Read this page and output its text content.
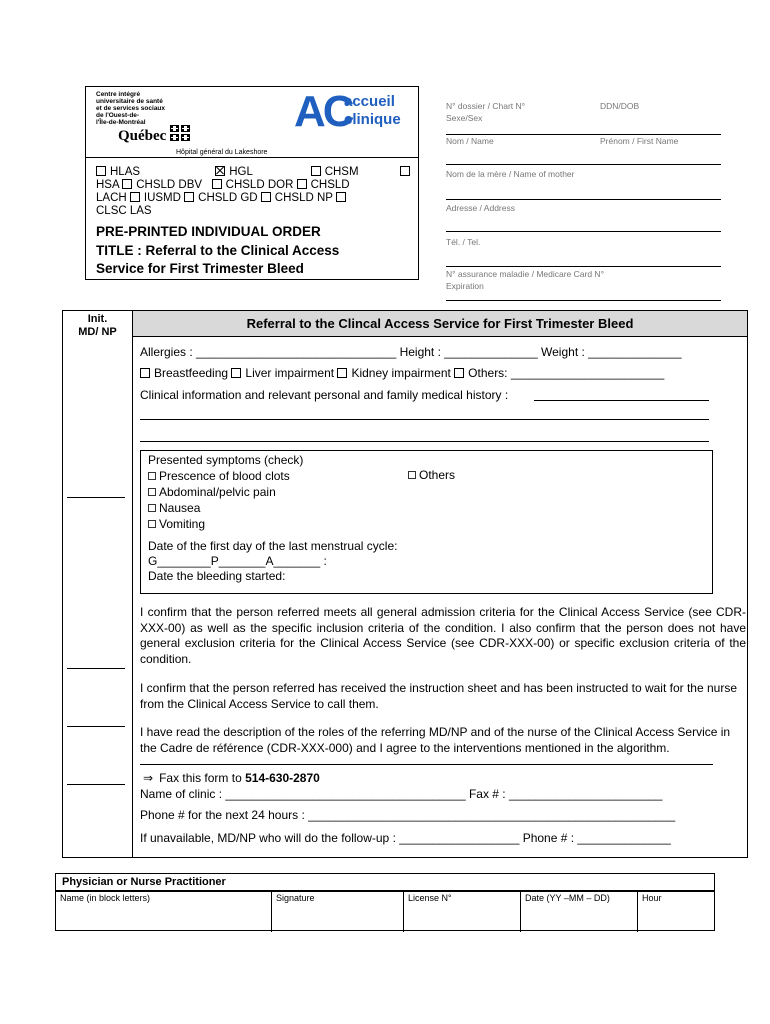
Centre intégré
universitaire de santé
et de services sociaux
de l'Ouest-de-
l'Île-de-Montréal
Québec
Hôpital général du Lakeshore
AC
accueil
clinique
HLAS	HGL	CHSM
HSA CHSLD DBV CHSLD DOR CHSLD
LACH IUSMD CHSLD GD CHSLD NP
CLSC LAS
PRE-PRINTED INDIVIDUAL ORDER
TITLE : Referral to the Clinical Access
Service for First Trimester Bleed
N° dossier / Chart N°
Sexe/Sex
DDN/DOB
Nom / Name	Prénom / First Name
Nom de la mère / Name of mother
Adresse / Address
Tél. / Tel.
N° assurance maladie / Medicare Card N°
Expiration
Init.
MD/ NP
Referral to the Clincal Access Service for First Trimester Bleed
Allergies : ______________________________ Height : ______________ Weight : ______________
Breastfeeding Liver impairment Kidney impairment Others: _______________________
Clinical information and relevant personal and family medical history :
Presented symptoms (check)
Prescence of blood clots
Abdominal/pelvic pain
Nausea
Vomiting
Others
Date of the first day of the last menstrual cycle:
G________P_______A_______ :
Date the bleeding started:
I confirm that the person referred meets all general admission criteria for the Clinical Access Service (see CDR-XXX-00) as well as the specific inclusion criteria of the condition. I also confirm that the person does not have general exclusion criteria for the Clinical Access Service (see CDR-XXX-00) or specific exclusion criteria of the condition.
I confirm that the person referred has received the instruction sheet and has been instructed to wait for the nurse from the Clinical Access Service to call them.
I have read the description of the roles of the referring MD/NP and of the nurse of the Clinical Access Service in the Cadre de référence (CDR-XXX-000) and I agree to the interventions mentioned in the algorithm.
⇒ Fax this form to 514-630-2870
Name of clinic : ____________________________________ Fax # : _______________________
Phone # for the next 24 hours : _______________________________________________________
If unavailable, MD/NP who will do the follow-up : __________________ Phone # : ______________
Physician or Nurse Practitioner
Name (in block letters)	Signature	License N°	Date (YY –MM – DD)	Hour
